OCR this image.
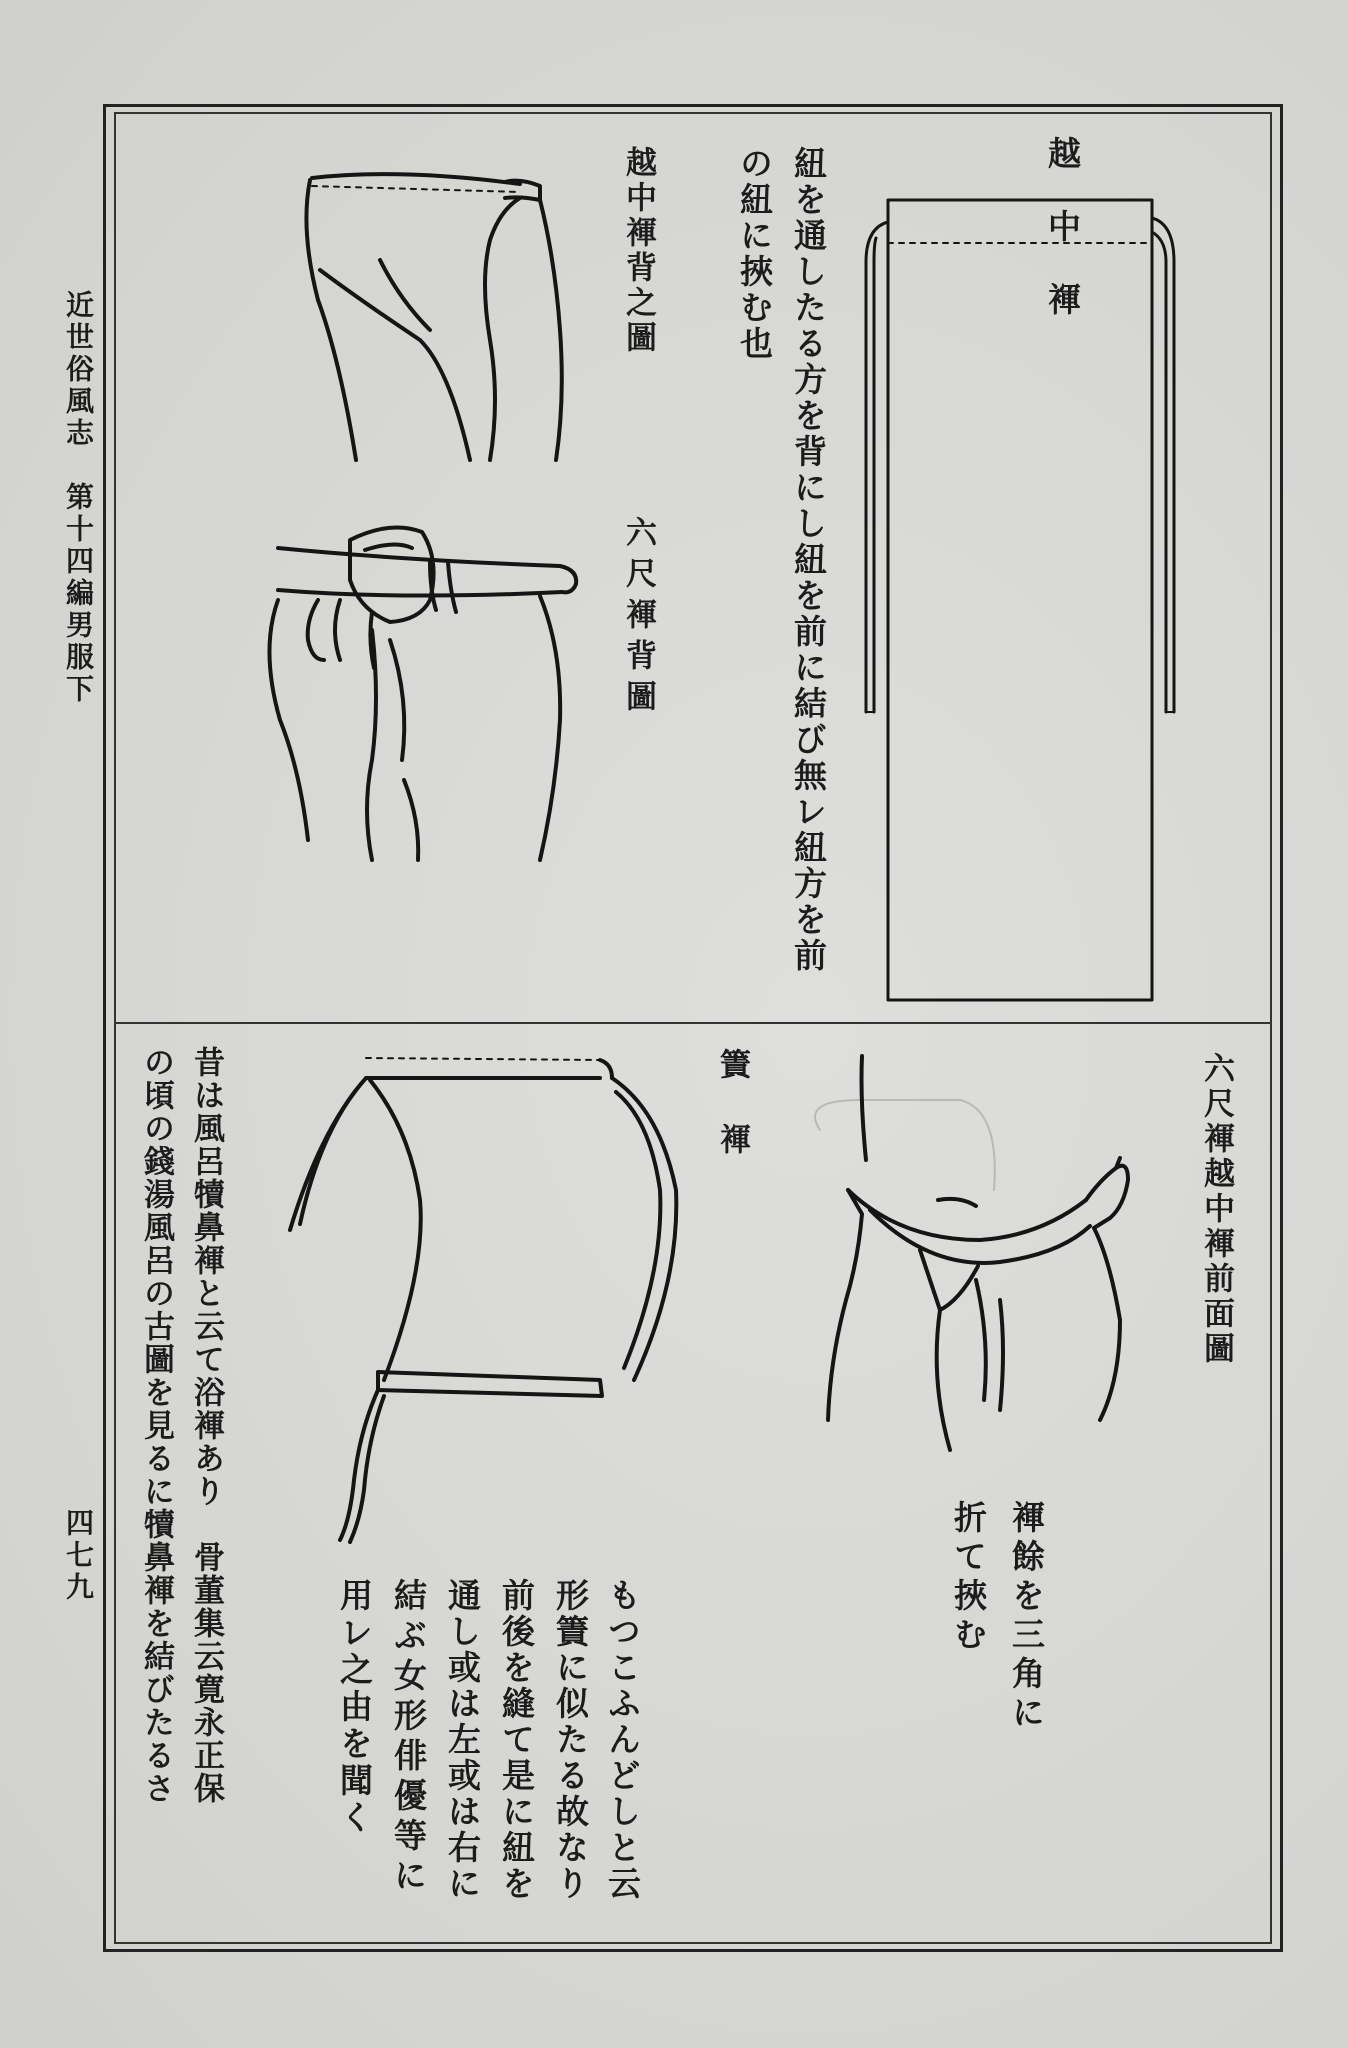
近世俗風志　第十四編男服下
四七九
越中褌
紐を通したる方を背にし紐を前に結び無レ紐方を前
の紐に挾む也
越中褌背之圖
六尺褌背圖
六尺褌越中褌前面圖
褌餘を三角に
折て挾む
簀褌
もつこふんどしと云
形簀に似たる故なり
前後を縫て是に紐を
通し或は左或は右に
結ぶ女形俳優等に
用レ之由を聞く
昔は風呂犢鼻褌と云て浴褌あり　骨董集云寛永正保
の頃の錢湯風呂の古圖を見るに犢鼻褌を結びたるさ
